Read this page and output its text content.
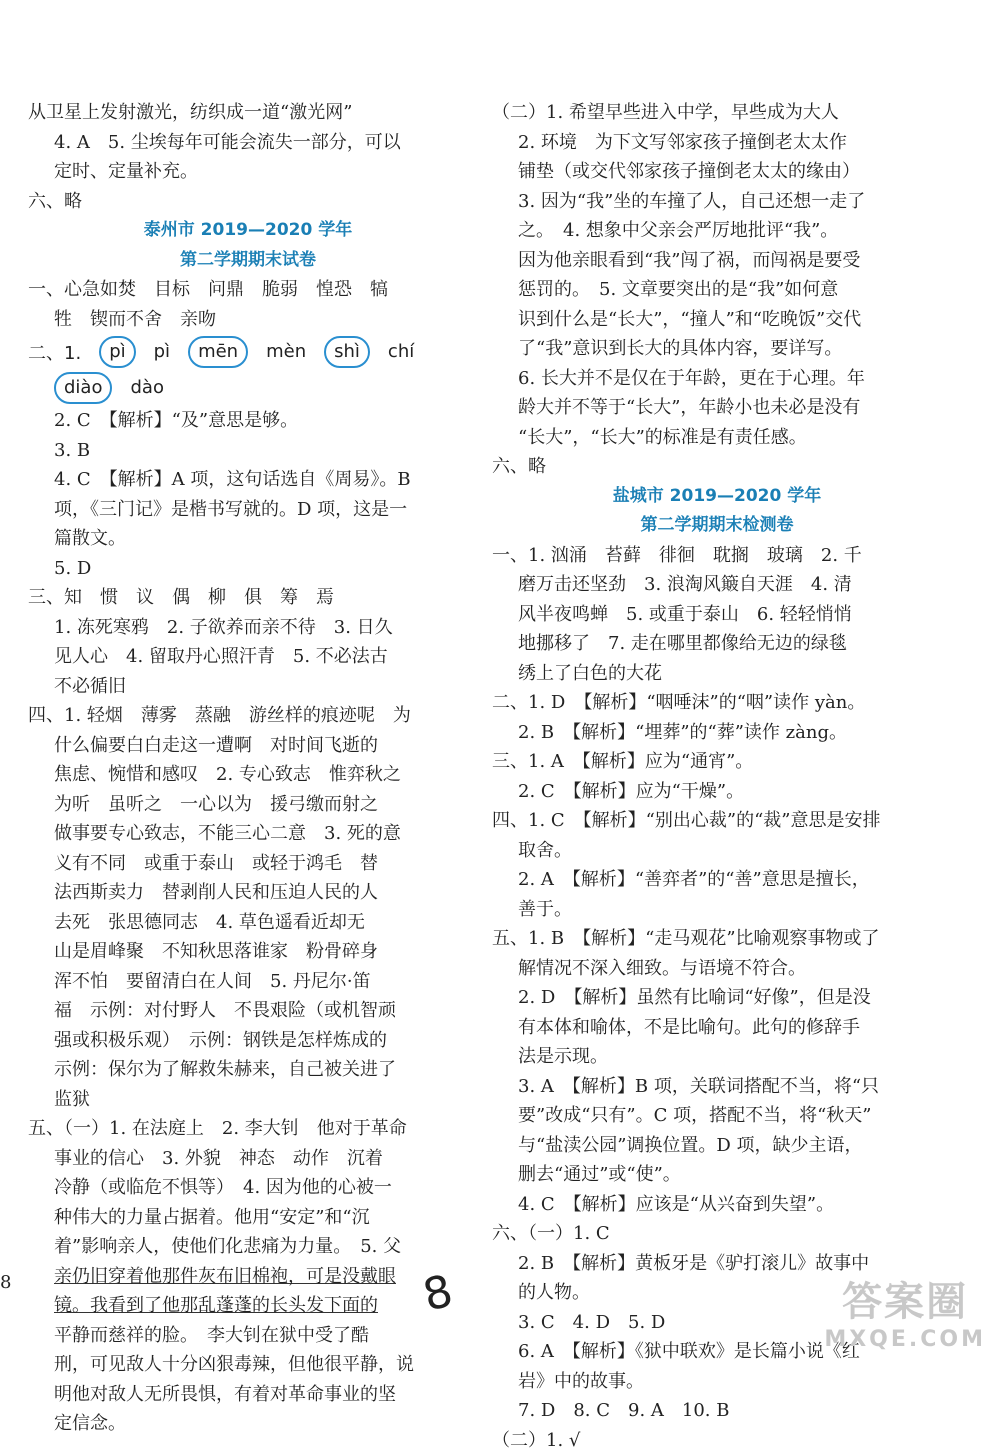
从卫星上发射激光，纺织成一道“激光网”
4. A　5. 尘埃每年可能会流失一部分，可以
定时、定量补充。
六、略
泰州市 2019—2020 学年
第二学期期末试卷
一、心急如焚　目标　问鼎　脆弱　惶恐　犒
牲　锲而不舍　亲吻
二、1.	pì	pì	mēn	mèn	shì	chí
diào	dào
2. C　【解析】“及”意思是够。
3. B
4. C　【解析】A 项，这句话选自《周易》。B
项，《三门记》是楷书写就的。D 项，这是一
篇散文。
5. D
三、知　惯　议　偶　柳　俱　筹　焉
1. 冻死寒鸦　2. 子欲养而亲不待　3. 日久
见人心　4. 留取丹心照汗青　5. 不必法古
不必循旧
四、1. 轻烟　薄雾　蒸融　游丝样的痕迹呢　为
什么偏要白白走这一遭啊　对时间飞逝的
焦虑、惋惜和感叹　2. 专心致志　惟弈秋之
为听　虽听之　一心以为　援弓缴而射之
做事要专心致志，不能三心二意　3. 死的意
义有不同　或重于泰山　或轻于鸿毛　替
法西斯卖力　替剥削人民和压迫人民的人
去死　张思德同志　4. 草色遥看近却无
山是眉峰聚　不知秋思落谁家　粉骨碎身
浑不怕　要留清白在人间　5. 丹尼尔·笛
福　示例：对付野人　不畏艰险（或机智顽
强或积极乐观）　示例：钢铁是怎样炼成的
示例：保尔为了解救朱赫来，自己被关进了
监狱
五、（一）1. 在法庭上　2. 李大钊　他对于革命
事业的信心　3. 外貌　神态　动作　沉着
冷静（或临危不惧等）　4. 因为他的心被一
种伟大的力量占据着。他用“安定”和“沉
着”影响亲人，使他们化悲痛为力量。　5. 父
亲仍旧穿着他那件灰布旧棉袍，可是没戴眼
镜。我看到了他那乱蓬蓬的长头发下面的
平静而慈祥的脸。　李大钊在狱中受了酷
刑，可见敌人十分凶狠毒辣，但他很平静，说
明他对敌人无所畏惧，有着对革命事业的坚
定信念。
（二）1. 希望早些进入中学，早些成为大人
2. 环境　为下文写邻家孩子撞倒老太太作
铺垫（或交代邻家孩子撞倒老太太的缘由）
3. 因为“我”坐的车撞了人，自己还想一走了
之。　4. 想象中父亲会严厉地批评“我”。
因为他亲眼看到“我”闯了祸，而闯祸是要受
惩罚的。　5. 文章要突出的是“我”如何意
识到什么是“长大”，“撞人”和“吃晚饭”交代
了“我”意识到长大的具体内容，要详写。
6. 长大并不是仅在于年龄，更在于心理。年
龄大并不等于“长大”，年龄小也未必是没有
“长大”，“长大”的标准是有责任感。
六、略
盐城市 2019—2020 学年
第二学期期末检测卷
一、1. 汹涌　苔藓　徘徊　耽搁　玻璃　2. 千
磨万击还坚劲　3. 浪淘风簸自天涯　4. 清
风半夜鸣蝉　5. 或重于泰山　6. 轻轻悄悄
地挪移了　7. 走在哪里都像给无边的绿毯
绣上了白色的大花
二、1. D　【解析】“咽唾沫”的“咽”读作 yàn。
2. B　【解析】“埋葬”的“葬”读作 zàng。
三、1. A　【解析】应为“通宵”。
2. C　【解析】应为“干燥”。
四、1. C　【解析】“别出心裁”的“裁”意思是安排
取舍。
2. A　【解析】“善弈者”的“善”意思是擅长，
善于。
五、1. B　【解析】“走马观花”比喻观察事物或了
解情况不深入细致。与语境不符合。
2. D　【解析】虽然有比喻词“好像”，但是没
有本体和喻体，不是比喻句。此句的修辞手
法是示现。
3. A　【解析】B 项，关联词搭配不当，将“只
要”改成“只有”。C 项，搭配不当，将“秋天”
与“盐渎公园”调换位置。D 项，缺少主语，
删去“通过”或“使”。
4. C　【解析】应该是“从兴奋到失望”。
六、（一）1. C
2. B　【解析】黄板牙是《驴打滚儿》故事中
的人物。
3. C　4. D　5. D
6. A　【解析】《狱中联欢》是长篇小说《红
岩》中的故事。
7. D　8. C　9. A　10. B
（二）1. √
8	8	答案圈
MXQE.COM
